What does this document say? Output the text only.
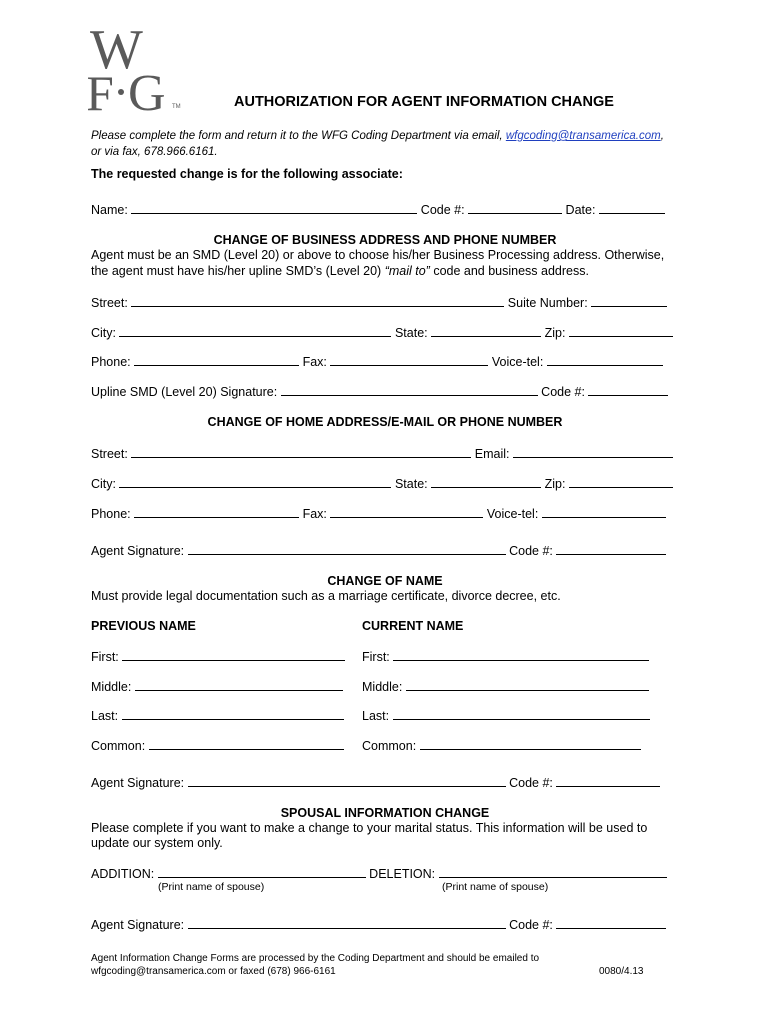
W
F G TM	AUTHORIZATION FOR AGENT INFORMATION CHANGE
Please complete the form and return it to the WFG Coding Department via email, wfgcoding@transamerica.com,
or via fax, 678.966.6161.
The requested change is for the following associate:
Name:	Code #:	Date:
CHANGE OF BUSINESS ADDRESS AND PHONE NUMBER
Agent must be an SMD (Level 20) or above to choose his/her Business Processing address. Otherwise,
the agent must have his/her upline SMD’s (Level 20) “mail to” code and business address.
Street:	Suite Number:
City:	State:	Zip:
Phone:	Fax:	Voice-tel:
Upline SMD (Level 20) Signature:	Code #:
CHANGE OF HOME ADDRESS/E-MAIL OR PHONE NUMBER
Street:	Email:
City:	State:	Zip:
Phone:	Fax:	Voice-tel:
Agent Signature:	Code #:
CHANGE OF NAME
Must provide legal documentation such as a marriage certificate, divorce decree, etc.
PREVIOUS NAME	CURRENT NAME
First:	First:
Middle:	Middle:
Last:	Last:
Common:	Common:
Agent Signature:	Code #:
SPOUSAL INFORMATION CHANGE
Please complete if you want to make a change to your marital status. This information will be used to
update our system only.
ADDITION:	DELETION:
(Print name of spouse)	(Print name of spouse)
Agent Signature:	Code #:
Agent Information Change Forms are processed by the Coding Department and should be emailed to
wfgcoding@transamerica.com or faxed (678) 966-6161	0080/4.13
